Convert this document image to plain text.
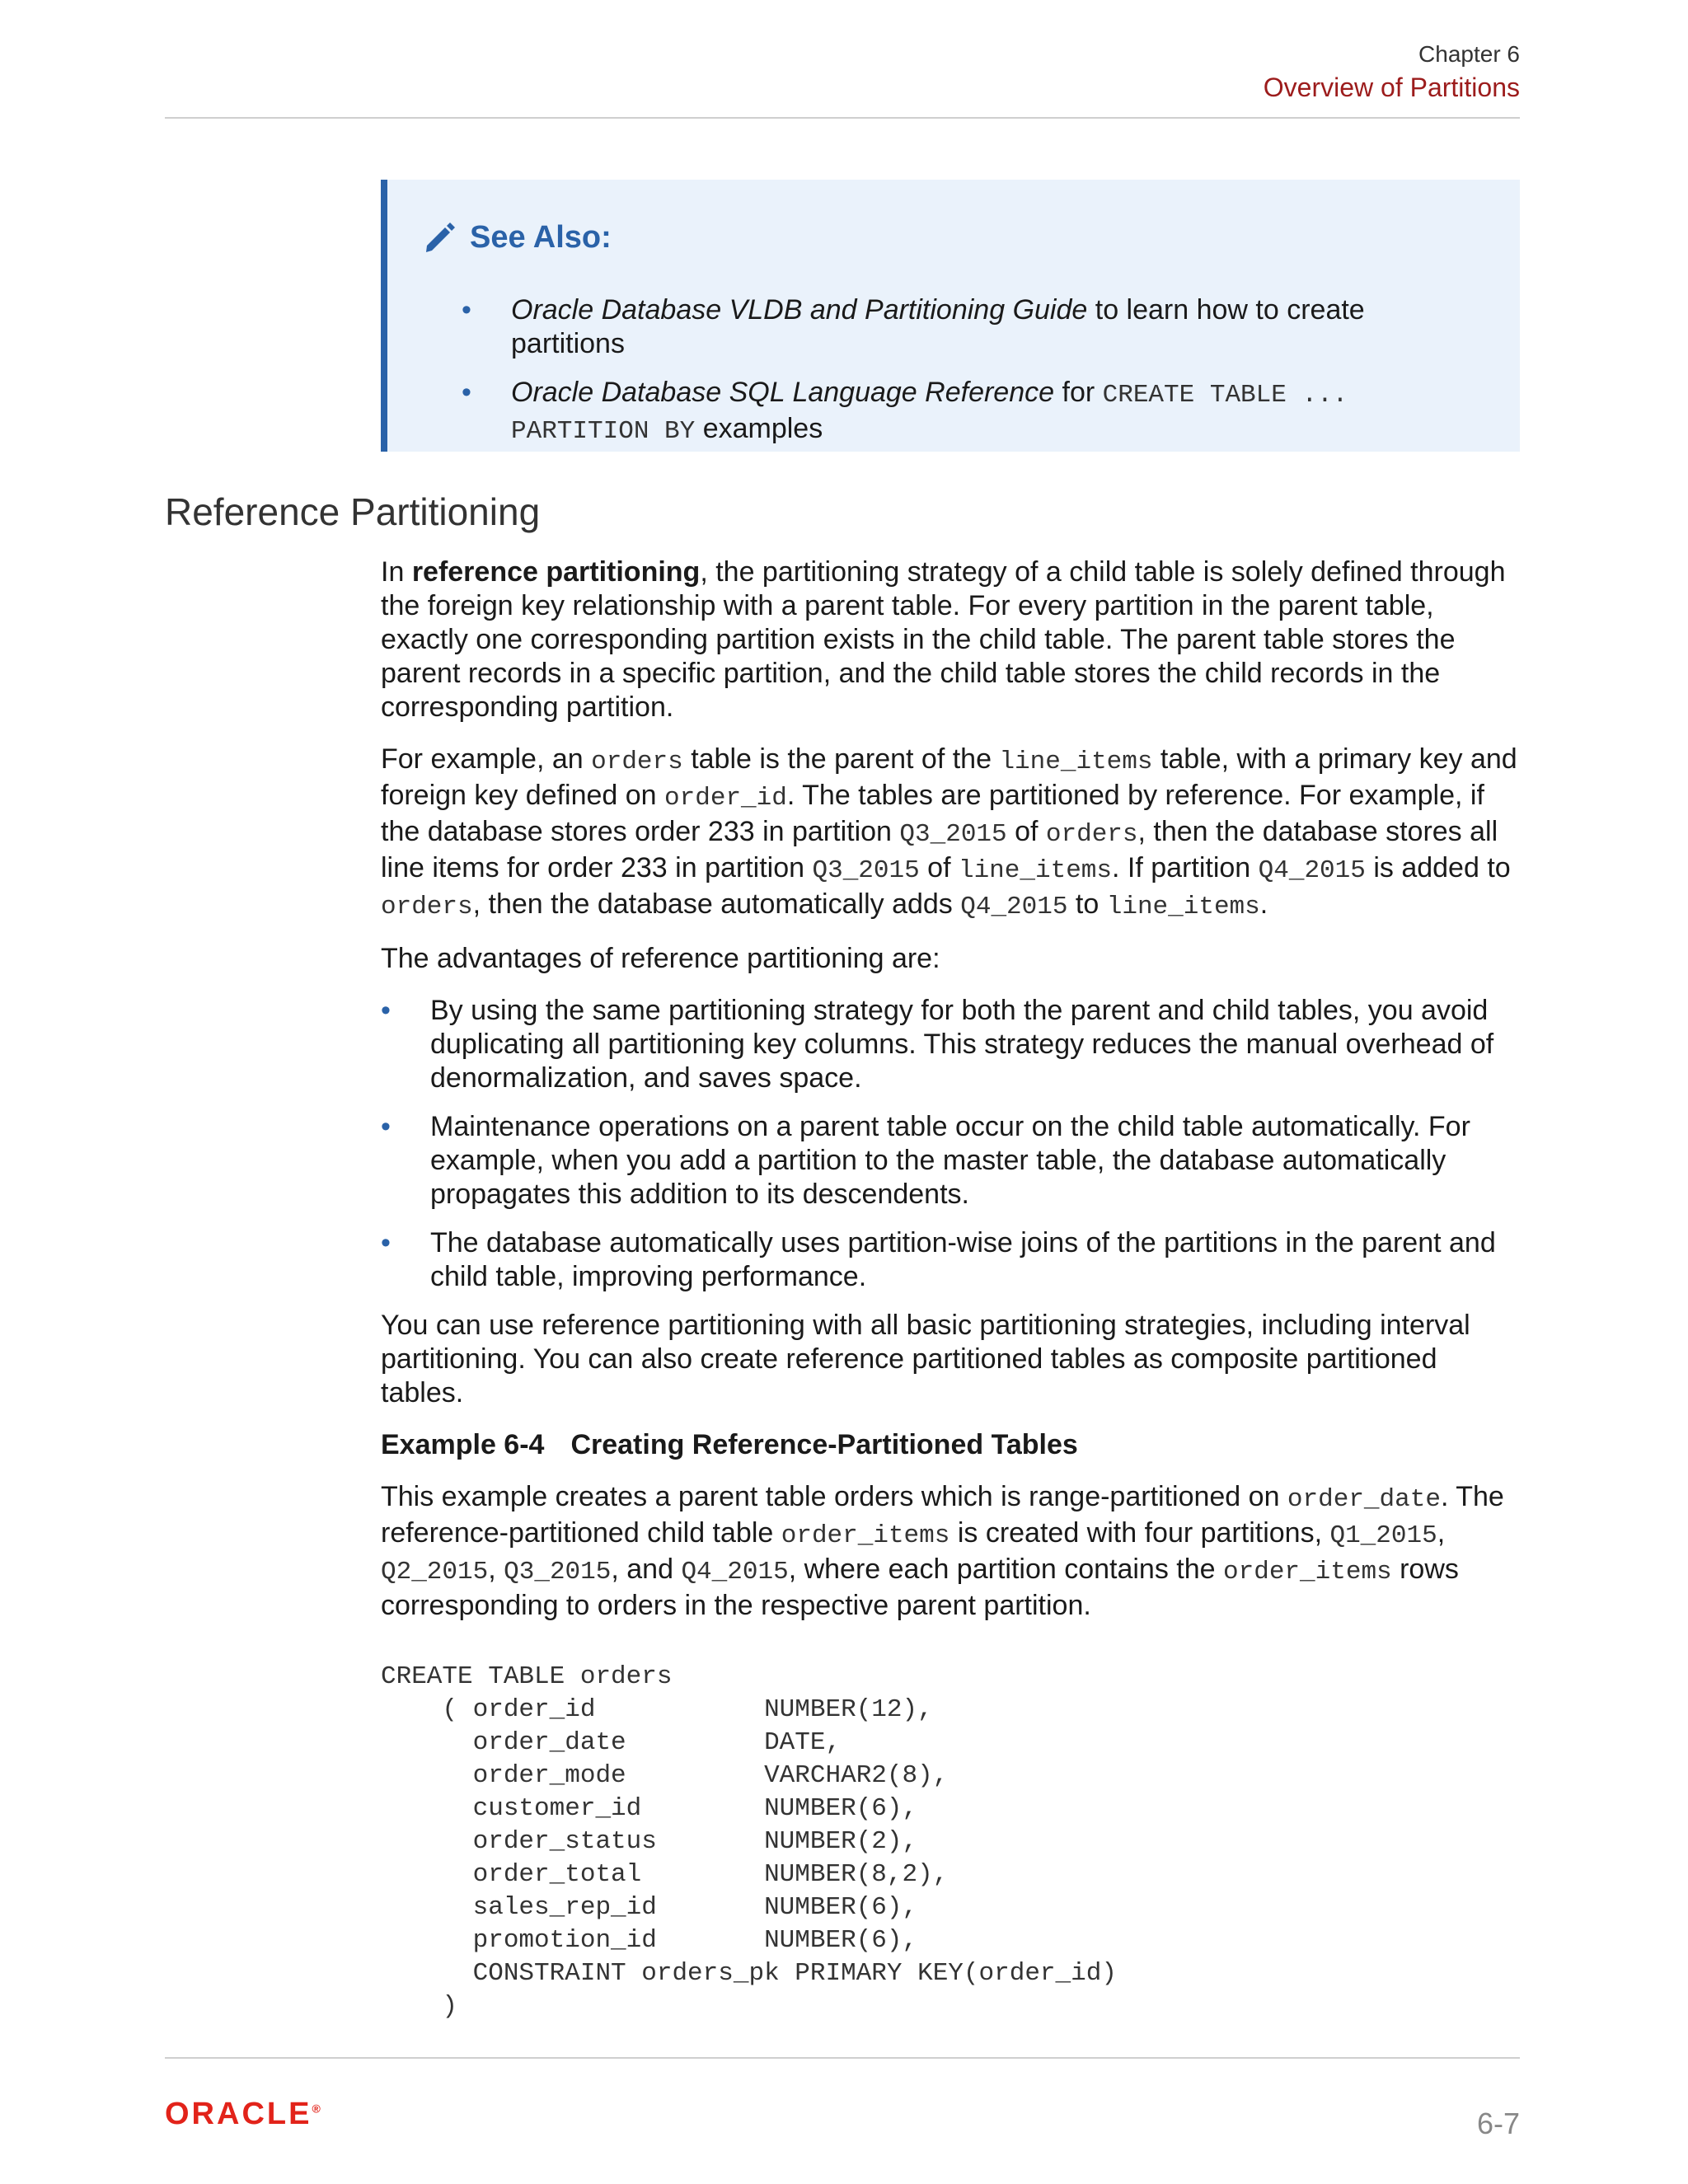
Chapter 6
Overview of Partitions
See Also:
• Oracle Database VLDB and Partitioning Guide to learn how to create partitions
• Oracle Database SQL Language Reference for CREATE TABLE ... PARTITION BY examples
Reference Partitioning

In reference partitioning, the partitioning strategy of a child table is solely defined through the foreign key relationship with a parent table. For every partition in the parent table, exactly one corresponding partition exists in the child table. The parent table stores the parent records in a specific partition, and the child table stores the child records in the corresponding partition.

For example, an orders table is the parent of the line_items table, with a primary key and foreign key defined on order_id. The tables are partitioned by reference. For example, if the database stores order 233 in partition Q3_2015 of orders, then the database stores all line items for order 233 in partition Q3_2015 of line_items. If partition Q4_2015 is added to orders, then the database automatically adds Q4_2015 to line_items.

The advantages of reference partitioning are:

• By using the same partitioning strategy for both the parent and child tables, you avoid duplicating all partitioning key columns. This strategy reduces the manual overhead of denormalization, and saves space.
• Maintenance operations on a parent table occur on the child table automatically. For example, when you add a partition to the master table, the database automatically propagates this addition to its descendents.
• The database automatically uses partition-wise joins of the partitions in the parent and child table, improving performance.

You can use reference partitioning with all basic partitioning strategies, including interval partitioning. You can also create reference partitioned tables as composite partitioned tables.

Example 6-4 Creating Reference-Partitioned Tables

This example creates a parent table orders which is range-partitioned on order_date. The reference-partitioned child table order_items is created with four partitions, Q1_2015, Q2_2015, Q3_2015, and Q4_2015, where each partition contains the order_items rows corresponding to orders in the respective parent partition.

CREATE TABLE orders
( order_id           NUMBER(12),
order_date         DATE,
order_mode         VARCHAR2(8),
customer_id        NUMBER(6),
order_status       NUMBER(2),
order_total        NUMBER(8,2),
sales_rep_id       NUMBER(6),
promotion_id       NUMBER(6),
CONSTRAINT orders_pk PRIMARY KEY(order_id)
)
ORACLE®	6-7
